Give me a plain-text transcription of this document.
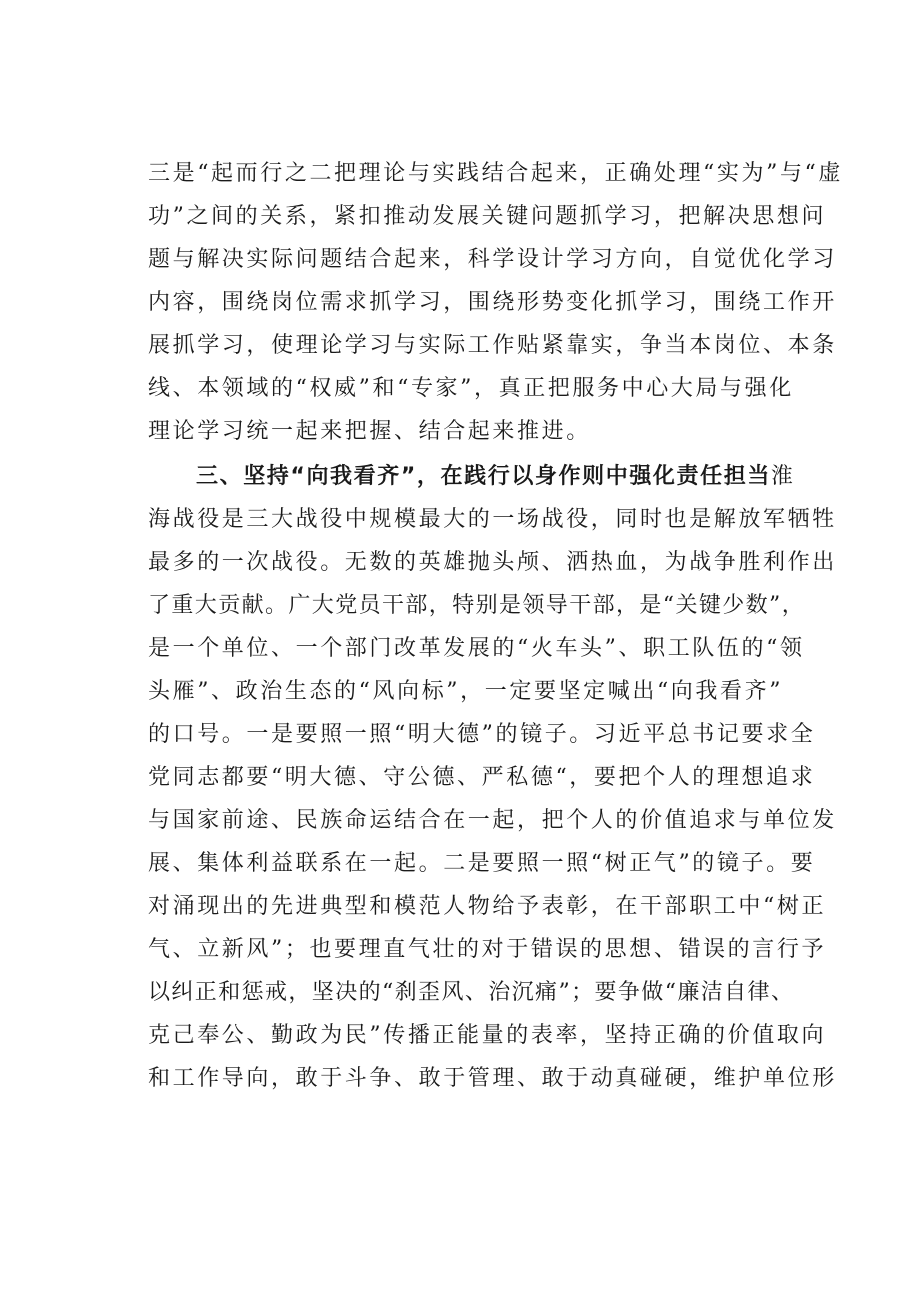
三是“起而行之二把理论与实践结合起来，正确处理“实为”与“虚
功”之间的关系，紧扣推动发展关键问题抓学习，把解决思想问
题与解决实际问题结合起来，科学设计学习方向，自觉优化学习
内容，围绕岗位需求抓学习，围绕形势变化抓学习，围绕工作开
展抓学习，使理论学习与实际工作贴紧靠实，争当本岗位、本条
线、本领域的“权威”和“专家”，真正把服务中心大局与强化
理论学习统一起来把握、结合起来推进。
三、坚持“向我看齐”，在践行以身作则中强化责任担当淮
海战役是三大战役中规模最大的一场战役，同时也是解放军牺牲
最多的一次战役。无数的英雄抛头颅、洒热血，为战争胜利作出
了重大贡献。广大党员干部，特别是领导干部，是“关键少数”，
是一个单位、一个部门改革发展的“火车头”、职工队伍的“领
头雁”、政治生态的“风向标”，一定要坚定喊出“向我看齐”
的口号。一是要照一照“明大德”的镜子。习近平总书记要求全
党同志都要“明大德、守公德、严私德“，要把个人的理想追求
与国家前途、民族命运结合在一起，把个人的价值追求与单位发
展、集体利益联系在一起。二是要照一照“树正气”的镜子。要
对涌现出的先进典型和模范人物给予表彰，在干部职工中“树正
气、立新风”；也要理直气壮的对于错误的思想、错误的言行予
以纠正和惩戒，坚决的“刹歪风、治沉痛”；要争做“廉洁自律、
克己奉公、勤政为民”传播正能量的表率，坚持正确的价值取向
和工作导向，敢于斗争、敢于管理、敢于动真碰硬，维护单位形
